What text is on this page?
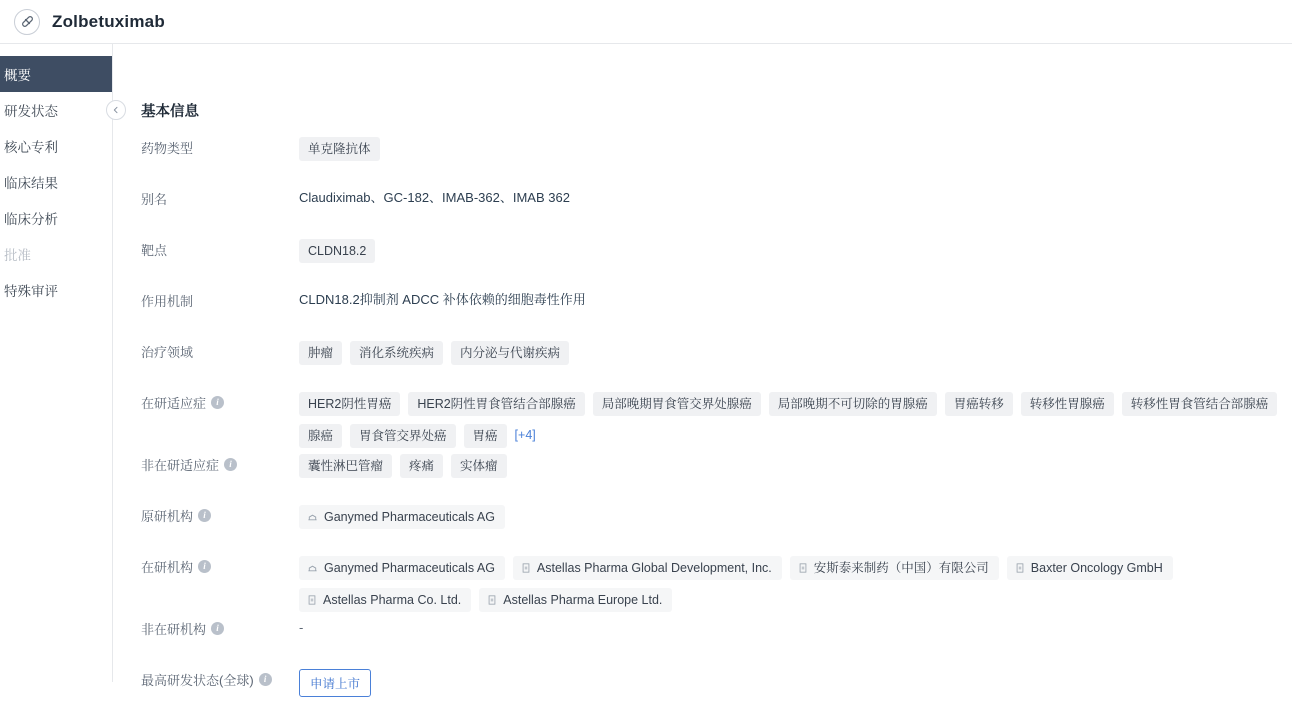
Zolbetuximab
概要
研发状态
核心专利
临床结果
临床分析
批准
特殊审评
基本信息
药物类型	单克隆抗体
别名	Claudiximab、GC-182、IMAB-362、IMAB 362
靶点	CLDN18.2
作用机制	CLDN18.2抑制剂 ADCC 补体依赖的细胞毒性作用
治疗领域	肿瘤	消化系统疾病	内分泌与代谢疾病
在研适应症	i	HER2阴性胃癌	HER2阴性胃食管结合部腺癌	局部晚期胃食管交界处腺癌	局部晚期不可切除的胃腺癌	胃癌转移	转移性胃腺癌	转移性胃食管结合部腺癌
腺癌	胃食管交界处癌	胃癌	[+4]
非在研适应症	i	囊性淋巴管瘤	疼痛	实体瘤
原研机构	i	Ganymed Pharmaceuticals AG
在研机构	i	Ganymed Pharmaceuticals AG	Astellas Pharma Global Development, Inc.	安斯泰来制药（中国）有限公司	Baxter Oncology GmbH
Astellas Pharma Co. Ltd.	Astellas Pharma Europe Ltd.
非在研机构	i	-
最高研发状态(全球)	i	申请上市
